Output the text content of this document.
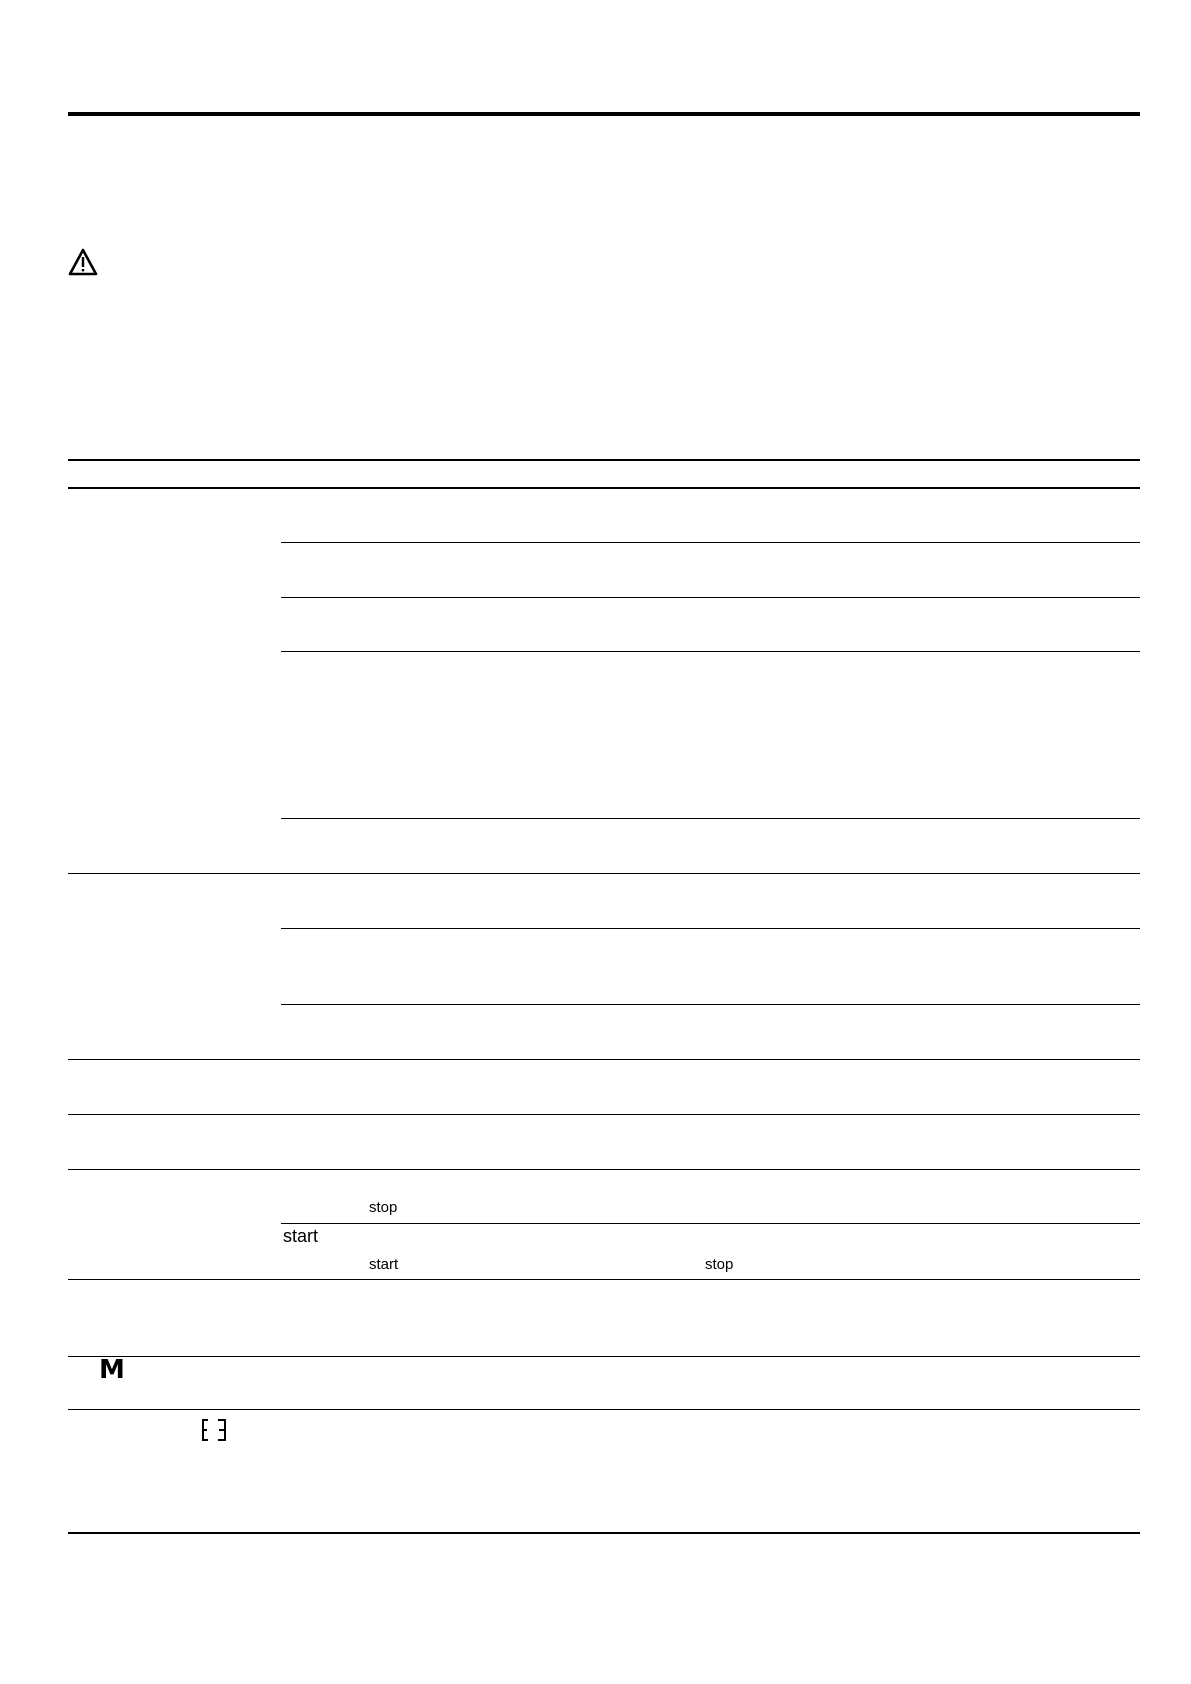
stop
start
start	stop
M
